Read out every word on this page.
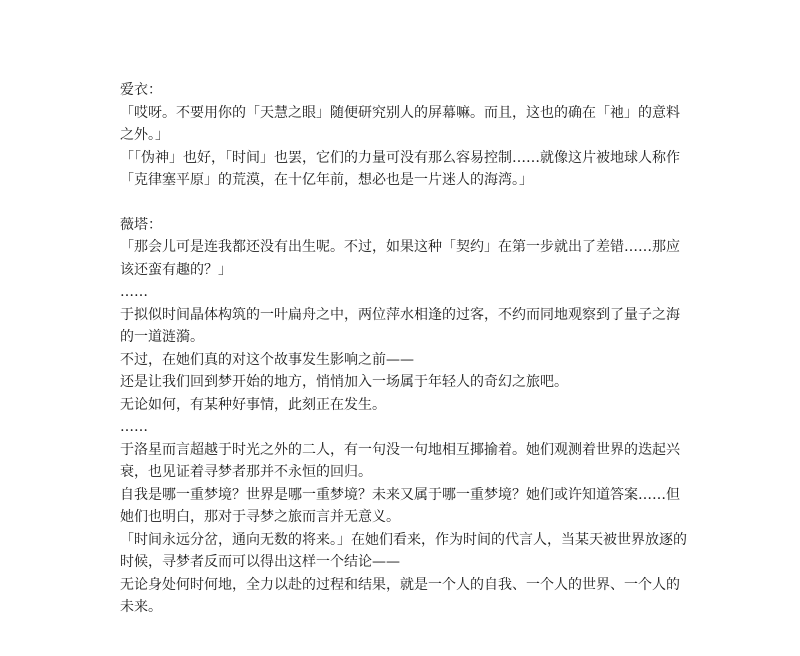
爱衣：

「哎呀。不要用你的「天慧之眼」随便研究别人的屏幕嘛。而且，这也的确在「祂」的意料之外。」

「「伪神」也好，「时间」也罢，它们的力量可没有那么容易控制……就像这片被地球人称作「克律塞平原」的荒漠，在十亿年前，想必也是一片迷人的海湾。」

薇塔：

「那会儿可是连我都还没有出生呢。不过，如果这种「契约」在第一步就出了差错……那应该还蛮有趣的？」

……

于拟似时间晶体构筑的一叶扁舟之中，两位萍水相逢的过客，不约而同地观察到了量子之海的一道涟漪。

不过，在她们真的对这个故事发生影响之前——

还是让我们回到梦开始的地方，悄悄加入一场属于年轻人的奇幻之旅吧。

无论如何，有某种好事情，此刻正在发生。

……

于洛星而言超越于时光之外的二人，有一句没一句地相互揶揄着。她们观测着世界的迭起兴衰，也见证着寻梦者那并不永恒的回归。

自我是哪一重梦境？世界是哪一重梦境？未来又属于哪一重梦境？她们或许知道答案……但她们也明白，那对于寻梦之旅而言并无意义。

「时间永远分岔，通向无数的将来。」在她们看来，作为时间的代言人，当某天被世界放逐的时候，寻梦者反而可以得出这样一个结论——

无论身处何时何地，全力以赴的过程和结果，就是一个人的自我、一个人的世界、一个人的未来。
